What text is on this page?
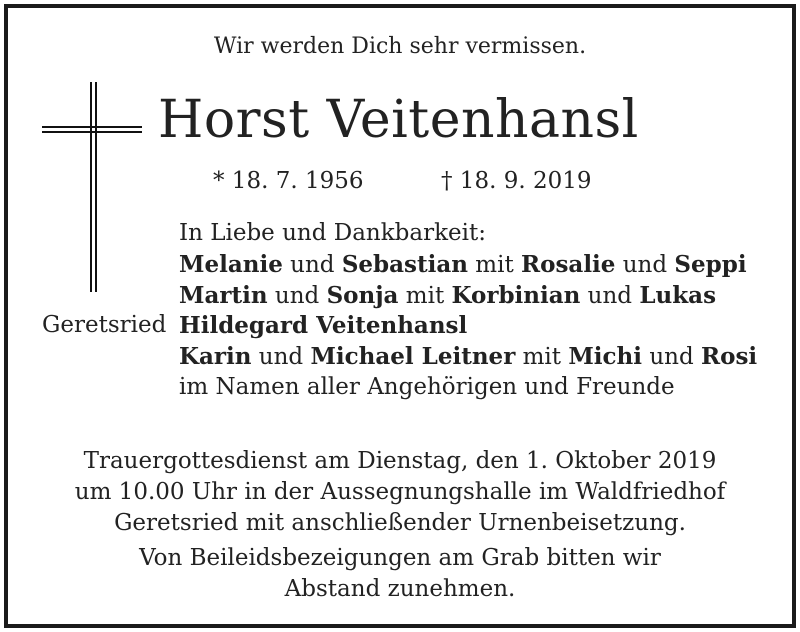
Wir werden Dich sehr vermissen.
Horst Veitenhansl
* 18. 7. 1956	† 18. 9. 2019
In Liebe und Dankbarkeit:
Melanie und Sebastian mit Rosalie und Seppi
Martin und Sonja mit Korbinian und Lukas
Geretsried Hildegard Veitenhansl
Karin und Michael Leitner mit Michi und Rosi
im Namen aller Angehörigen und Freunde
Trauergottesdienst am Dienstag, den 1. Oktober 2019
um 10.00 Uhr in der Aussegnungshalle im Waldfriedhof
Geretsried mit anschließender Urnenbeisetzung.
Von Beileidsbezeigungen am Grab bitten wir
Abstand zunehmen.
